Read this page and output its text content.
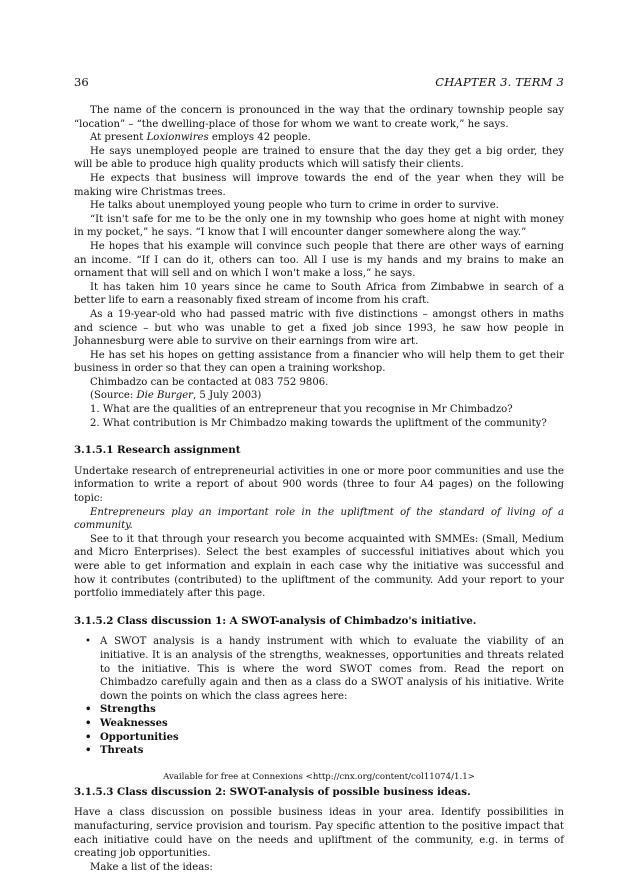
36	CHAPTER 3. TERM 3

The name of the concern is pronounced in the way that the ordinary township people say “location” – “the dwelling-place of those for whom we want to create work,” he says.

At present Loxionwires employs 42 people.

He says unemployed people are trained to ensure that the day they get a big order, they will be able to produce high quality products which will satisfy their clients.

He expects that business will improve towards the end of the year when they will be making wire Christmas trees.

He talks about unemployed young people who turn to crime in order to survive.

“It isn't safe for me to be the only one in my township who goes home at night with money in my pocket,” he says. “I know that I will encounter danger somewhere along the way.”

He hopes that his example will convince such people that there are other ways of earning an income. “If I can do it, others can too. All I use is my hands and my brains to make an ornament that will sell and on which I won't make a loss,” he says.

It has taken him 10 years since he came to South Africa from Zimbabwe in search of a better life to earn a reasonably fixed stream of income from his craft.

As a 19-year-old who had passed matric with five distinctions – amongst others in maths and science – but who was unable to get a fixed job since 1993, he saw how people in Johannesburg were able to survive on their earnings from wire art.

He has set his hopes on getting assistance from a financier who will help them to get their business in order so that they can open a training workshop.

Chimbadzo can be contacted at 083 752 9806.

(Source: Die Burger, 5 July 2003)

1. What are the qualities of an entrepreneur that you recognise in Mr Chimbadzo?

2. What contribution is Mr Chimbadzo making towards the upliftment of the community?

3.1.5.1 Research assignment

Undertake research of entrepreneurial activities in one or more poor communities and use the information to write a report of about 900 words (three to four A4 pages) on the following topic:

Entrepreneurs play an important role in the upliftment of the standard of living of a community.

See to it that through your research you become acquainted with SMMEs: (Small, Medium and Micro Enterprises). Select the best examples of successful initiatives about which you were able to get information and explain in each case why the initiative was successful and how it contributes (contributed) to the upliftment of the community. Add your report to your portfolio immediately after this page.

3.1.5.2 Class discussion 1: A SWOT-analysis of Chimbadzo's initiative.
• A SWOT analysis is a handy instrument with which to evaluate the viability of an initiative. It is an analysis of the strengths, weaknesses, opportunities and threats related to the initiative. This is where the word SWOT comes from. Read the report on Chimbadzo carefully again and then as a class do a SWOT analysis of his initiative. Write down the points on which the class agrees here:
• Strengths
• Weaknesses
• Opportunities
• Threats
3.1.5.3 Class discussion 2: SWOT-analysis of possible business ideas.

Have a class discussion on possible business ideas in your area. Identify possibilities in manufacturing, service provision and tourism. Pay specific attention to the positive impact that each initiative could have on the needs and upliftment of the community, e.g. in terms of creating job opportunities.

Make a list of the ideas:

Available for free at Connexions <http://cnx.org/content/col11074/1.1>
